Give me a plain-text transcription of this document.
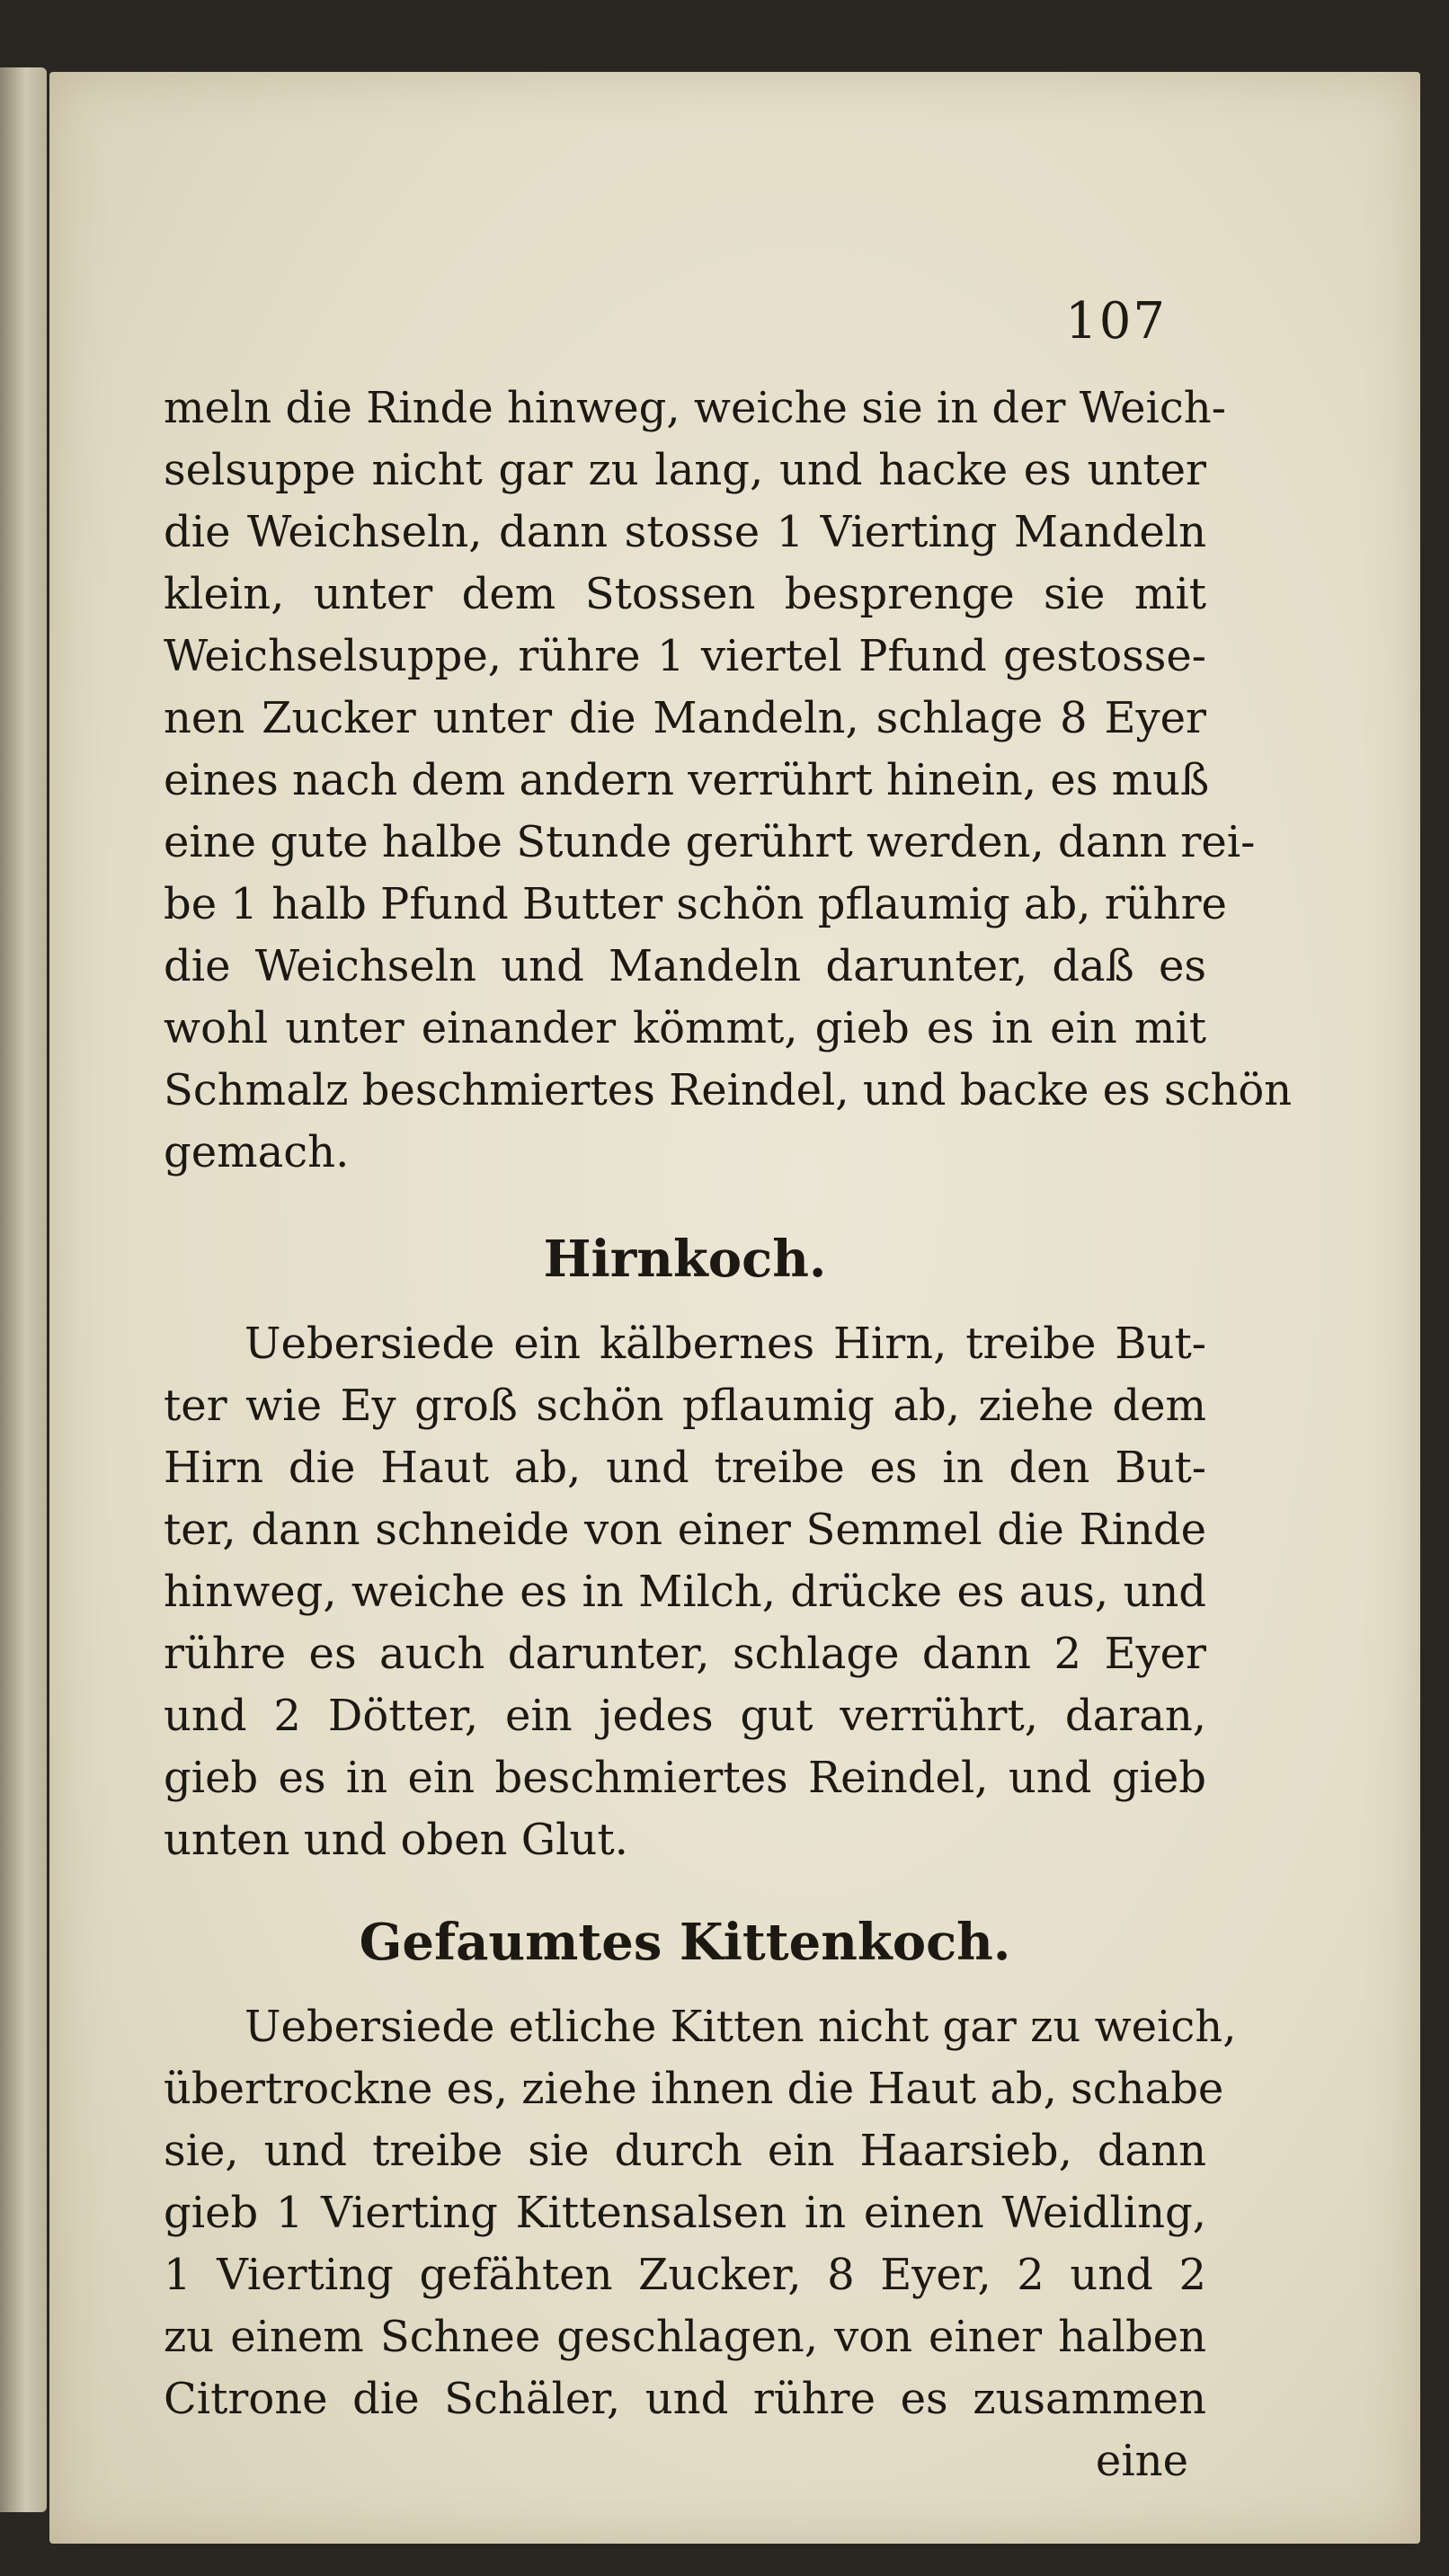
107
meln die Rinde hinweg, weiche sie in der Weich-
selsuppe nicht gar zu lang, und hacke es unter
die Weichseln, dann stosse 1 Vierting Mandeln
klein, unter dem Stossen besprenge sie mit
Weichselsuppe, rühre 1 viertel Pfund gestosse-
nen Zucker unter die Mandeln, schlage 8 Eyer
eines nach dem andern verrührt hinein, es muß
eine gute halbe Stunde gerührt werden, dann rei-
be 1 halb Pfund Butter schön pflaumig ab, rühre
die Weichseln und Mandeln darunter, daß es
wohl unter einander kömmt, gieb es in ein mit
Schmalz beschmiertes Reindel, und backe es schön
gemach.
Hirnkoch.
Uebersiede ein kälbernes Hirn, treibe But-
ter wie Ey groß schön pflaumig ab, ziehe dem
Hirn die Haut ab, und treibe es in den But-
ter, dann schneide von einer Semmel die Rinde
hinweg, weiche es in Milch, drücke es aus, und
rühre es auch darunter, schlage dann 2 Eyer
und 2 Dötter, ein jedes gut verrührt, daran,
gieb es in ein beschmiertes Reindel, und gieb
unten und oben Glut.
Gefaumtes Kittenkoch.
Uebersiede etliche Kitten nicht gar zu weich,
übertrockne es, ziehe ihnen die Haut ab, schabe
sie, und treibe sie durch ein Haarsieb, dann
gieb 1 Vierting Kittensalsen in einen Weidling,
1 Vierting gefähten Zucker, 8 Eyer, 2 und 2
zu einem Schnee geschlagen, von einer halben
Citrone die Schäler, und rühre es zusammen
eine
